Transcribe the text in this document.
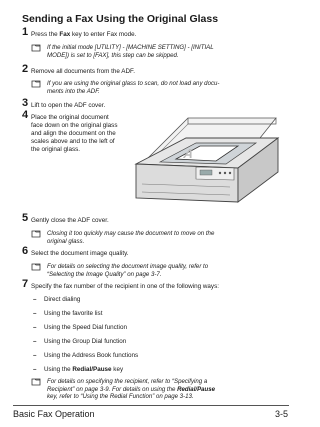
Sending a Fax Using the Original Glass
1 Press the Fax key to enter Fax mode.
If the initial mode [UTILITY] - [MACHINE SETTING] - [INITIAL
MODE]) is set to [FAX], this step can be skipped.
2 Remove all documents from the ADF.
If you are using the original glass to scan, do not load any docu-
ments into the ADF.
3 Lift to open the ADF cover.
4 Place the original document
face down on the original glass
and align the document on the
scales above and to the left of
the original glass.	A
5 Gently close the ADF cover.
Closing it too quickly may cause the document to move on the
original glass.
6 Select the document image quality.
For details on selecting the document image quality, refer to
“Selecting the Image Quality” on page 3-7.
7 Specify the fax number of the recipient in one of the following ways:
– Direct dialing
– Using the favorite list
– Using the Speed Dial function
– Using the Group Dial function
– Using the Address Book functions
– Using the Redial/Pause key
For details on specifying the recipient, refer to “Specifying a
Recipient” on page 3-9. For details on using the Redial/Pause
key, refer to “Using the Redial Function” on page 3-13.
Basic Fax Operation	3-5
